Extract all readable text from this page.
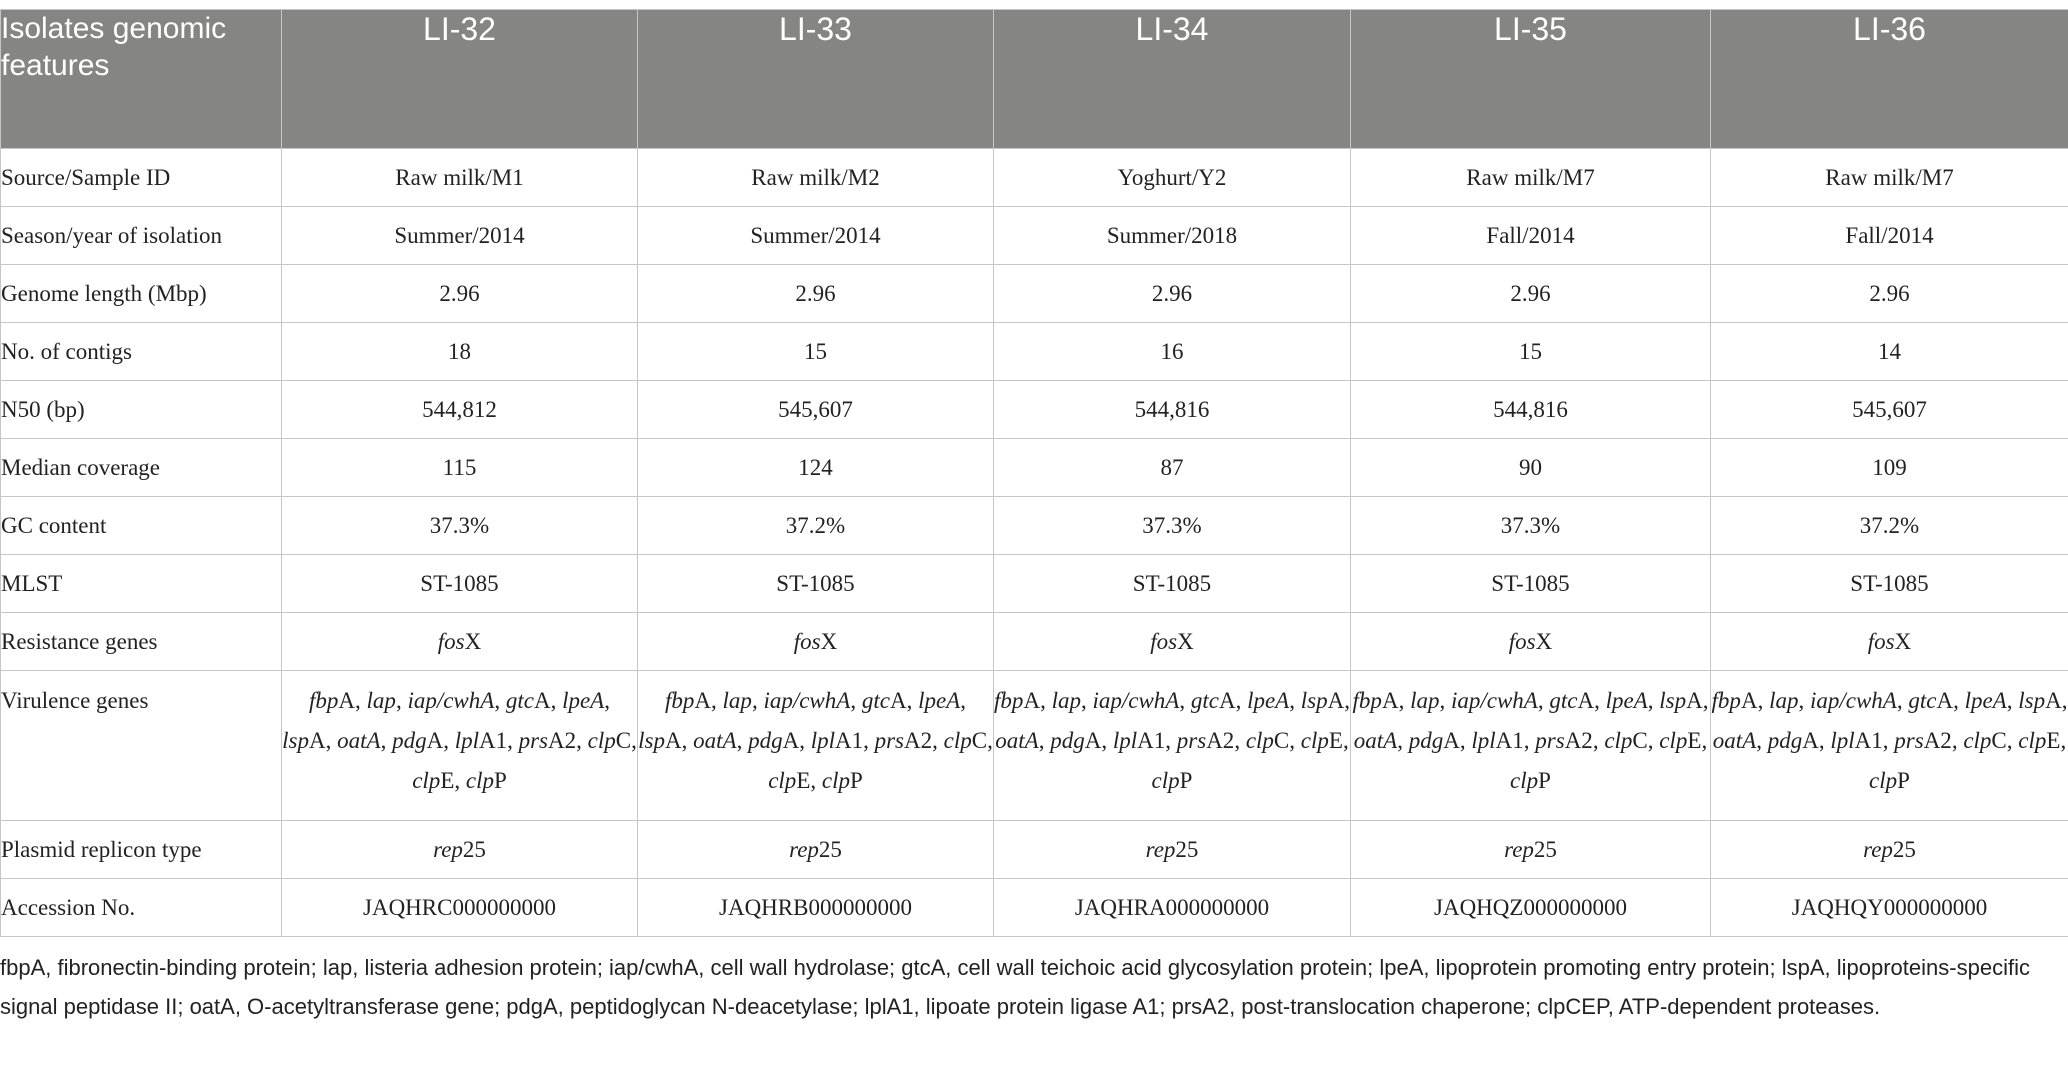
Isolates genomic features	LI-32	LI-33	LI-34	LI-35	LI-36
Source/Sample ID	Raw milk/M1	Raw milk/M2	Yoghurt/Y2	Raw milk/M7	Raw milk/M7
Season/year of isolation	Summer/2014	Summer/2014	Summer/2018	Fall/2014	Fall/2014
Genome length (Mbp)	2.96	2.96	2.96	2.96	2.96
No. of contigs	18	15	16	15	14
N50 (bp)	544,812	545,607	544,816	544,816	545,607
Median coverage	115	124	87	90	109
GC content	37.3%	37.2%	37.3%	37.3%	37.2%
MLST	ST-1085	ST-1085	ST-1085	ST-1085	ST-1085
Resistance genes	fosX	fosX	fosX	fosX	fosX
Virulence genes	fbpA, lap, iap/cwhA, gtcA, lpeA, lspA, oatA, pdgA, lplA1, prsA2, clpC, clpE, clpP	fbpA, lap, iap/cwhA, gtcA, lpeA, lspA, oatA, pdgA, lplA1, prsA2, clpC, clpE, clpP	fbpA, lap, iap/cwhA, gtcA, lpeA, lspA, oatA, pdgA, lplA1, prsA2, clpC, clpE, clpP	fbpA, lap, iap/cwhA, gtcA, lpeA, lspA, oatA, pdgA, lplA1, prsA2, clpC, clpE, clpP	fbpA, lap, iap/cwhA, gtcA, lpeA, lspA, oatA, pdgA, lplA1, prsA2, clpC, clpE, clpP
Plasmid replicon type	rep25	rep25	rep25	rep25	rep25
Accession No.	JAQHRC000000000	JAQHRB000000000	JAQHRA000000000	JAQHQZ000000000	JAQHQY000000000

fbpA, fibronectin-binding protein; lap, listeria adhesion protein; iap/cwhA, cell wall hydrolase; gtcA, cell wall teichoic acid glycosylation protein; lpeA, lipoprotein promoting entry protein; lspA, lipoproteins-specific signal peptidase II; oatA, O-acetyltransferase gene; pdgA, peptidoglycan N-deacetylase; lplA1, lipoate protein ligase A1; prsA2, post-translocation chaperone; clpCEP, ATP-dependent proteases.
